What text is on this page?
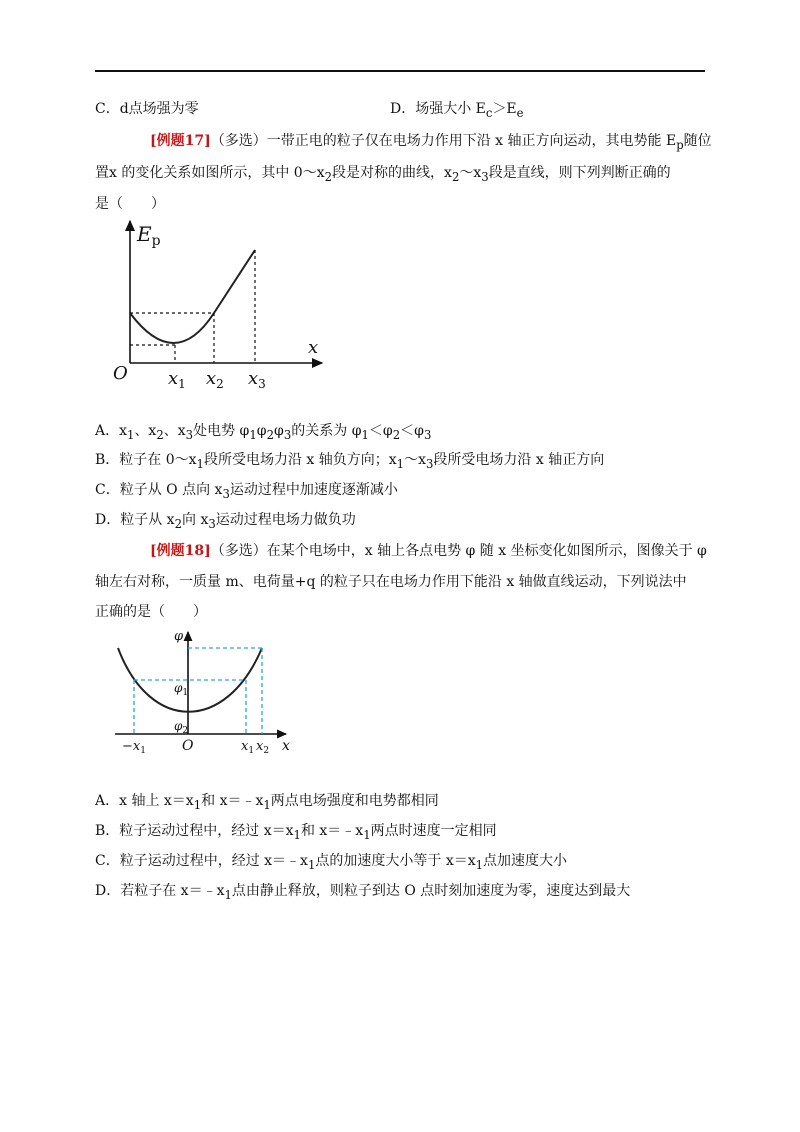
C．d点场强为零	D．场强大小 $E_c>E_e$
[例题17]（多选）一带正电的粒子仅在电场力作用下沿 x 轴正方向运动，其电势能 $E_p$随位
置x 的变化关系如图所示，其中 $0\sim x_2$段是对称的曲线，$x_2\sim x_3$段是直线，则下列判断正确的
是（　　）
$E_p$
x
O $x_1$ $x_2$ $x_3$
A．$x_1$、$x_2$、$x_3$处电势 $\varphi_1\varphi_2\varphi_3$的关系为 $\varphi_1<\varphi_2<\varphi_3$
B．粒子在 $0\sim x_1$段所受电场力沿 x 轴负方向；$x_1\sim x_3$段所受电场力沿 x 轴正方向
C．粒子从 O 点向 $x_3$运动过程中加速度逐渐减小
D．粒子从 $x_2$向 $x_3$运动过程电场力做负功
[例题18]（多选）在某个电场中，x 轴上各点电势 φ 随 x 坐标变化如图所示，图像关于 φ
轴左右对称，一质量 m、电荷量+q 的粒子只在电场力作用下能沿 x 轴做直线运动，下列说法中
正确的是（　　）
φ
x
O
$\varphi_1$
$\varphi_2$
$-x_1$	$x_1$ $x_2$
A．x 轴上 $x=x_1$和 $x=﹣x_1$两点电场强度和电势都相同
B．粒子运动过程中，经过 $x=x_1$和 $x=﹣x_1$两点时速度一定相同
C．粒子运动过程中，经过 $x=﹣x_1$点的加速度大小等于 $x=x_1$点加速度大小
D．若粒子在 $x=﹣x_1$点由静止释放，则粒子到达 O 点时刻加速度为零，速度达到最大
